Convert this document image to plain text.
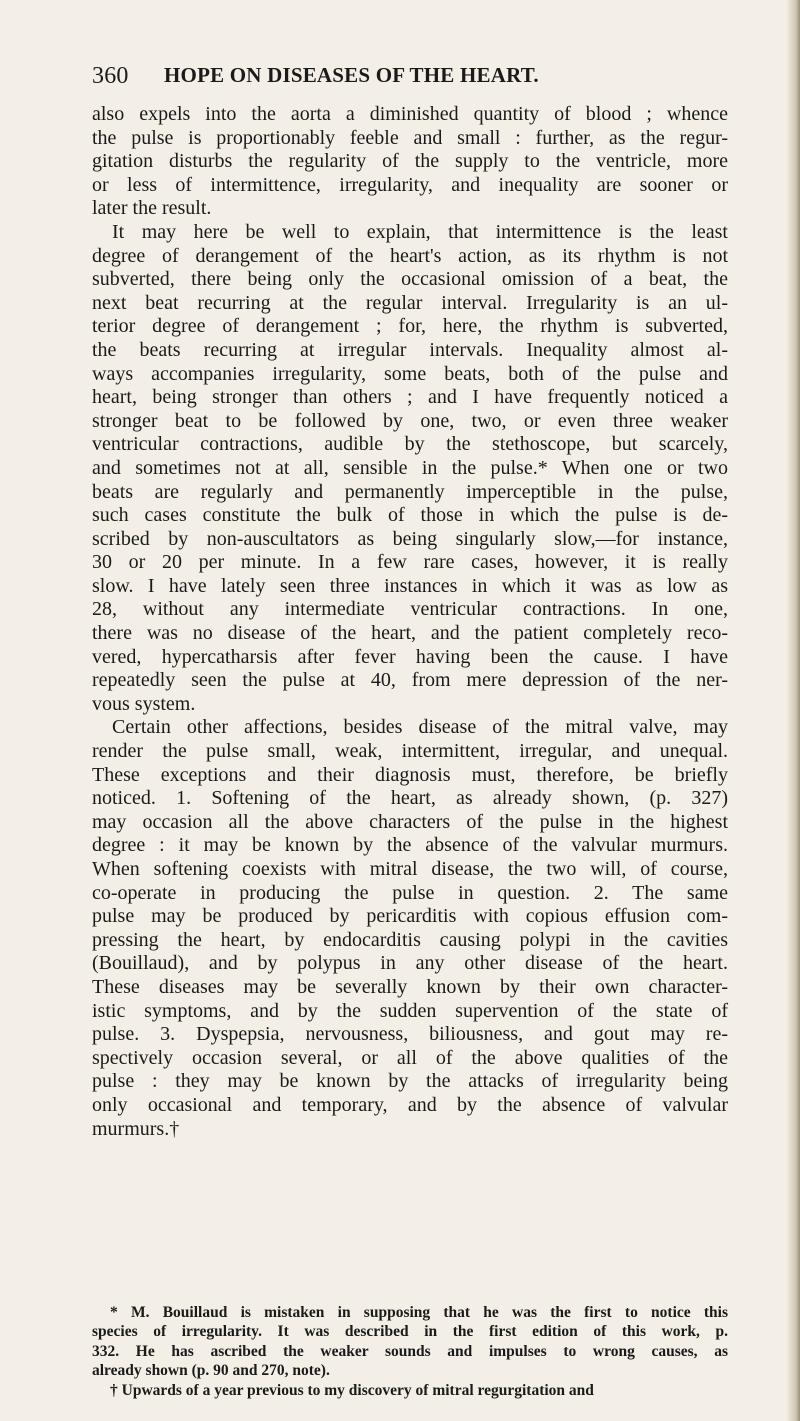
360 HOPE ON DISEASES OF THE HEART.
also expels into the aorta a diminished quantity of blood ; whence
the pulse is proportionably feeble and small : further, as the regur-
gitation disturbs the regularity of the supply to the ventricle, more
or less of intermittence, irregularity, and inequality are sooner or
later the result.
It may here be well to explain, that intermittence is the least
degree of derangement of the heart's action, as its rhythm is not
subverted, there being only the occasional omission of a beat, the
next beat recurring at the regular interval. Irregularity is an ul-
terior degree of derangement ; for, here, the rhythm is subverted,
the beats recurring at irregular intervals. Inequality almost al-
ways accompanies irregularity, some beats, both of the pulse and
heart, being stronger than others ; and I have frequently noticed a
stronger beat to be followed by one, two, or even three weaker
ventricular contractions, audible by the stethoscope, but scarcely,
and sometimes not at all, sensible in the pulse.* When one or two
beats are regularly and permanently imperceptible in the pulse,
such cases constitute the bulk of those in which the pulse is de-
scribed by non-auscultators as being singularly slow,—for instance,
30 or 20 per minute. In a few rare cases, however, it is really
slow. I have lately seen three instances in which it was as low as
28, without any intermediate ventricular contractions. In one,
there was no disease of the heart, and the patient completely reco-
vered, hypercatharsis after fever having been the cause. I have
repeatedly seen the pulse at 40, from mere depression of the ner-
vous system.
Certain other affections, besides disease of the mitral valve, may
render the pulse small, weak, intermittent, irregular, and unequal.
These exceptions and their diagnosis must, therefore, be briefly
noticed. 1. Softening of the heart, as already shown, (p. 327)
may occasion all the above characters of the pulse in the highest
degree : it may be known by the absence of the valvular murmurs.
When softening coexists with mitral disease, the two will, of course,
co-operate in producing the pulse in question. 2. The same
pulse may be produced by pericarditis with copious effusion com-
pressing the heart, by endocarditis causing polypi in the cavities
(Bouillaud), and by polypus in any other disease of the heart.
These diseases may be severally known by their own character-
istic symptoms, and by the sudden supervention of the state of
pulse. 3. Dyspepsia, nervousness, biliousness, and gout may re-
spectively occasion several, or all of the above qualities of the
pulse : they may be known by the attacks of irregularity being
only occasional and temporary, and by the absence of valvular
murmurs.†
* M. Bouillaud is mistaken in supposing that he was the first to notice this
species of irregularity. It was described in the first edition of this work, p.
332. He has ascribed the weaker sounds and impulses to wrong causes, as
already shown (p. 90 and 270, note).
† Upwards of a year previous to my discovery of mitral regurgitation and
